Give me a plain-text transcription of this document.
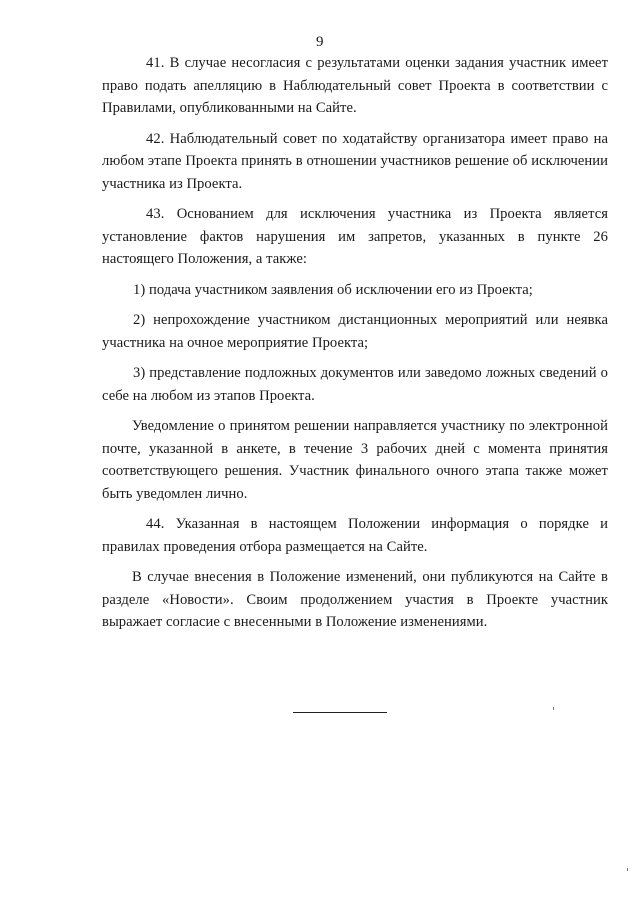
9

41. В случае несогласия с результатами оценки задания участник имеет право подать апелляцию в Наблюдательный совет Проекта в соответствии с Правилами, опубликованными на Сайте.

42. Наблюдательный совет по ходатайству организатора имеет право на любом этапе Проекта принять в отношении участников решение об исключении участника из Проекта.

43. Основанием для исключения участника из Проекта является установление фактов нарушения им запретов, указанных в пункте 26 настоящего Положения, а также:

1) подача участником заявления об исключении его из Проекта;

2) непрохождение участником дистанционных мероприятий или неявка участника на очное мероприятие Проекта;

3) представление подложных документов или заведомо ложных сведений о себе на любом из этапов Проекта.

Уведомление о принятом решении направляется участнику по электронной почте, указанной в анкете, в течение 3 рабочих дней с момента принятия соответствующего решения. Участник финального очного этапа также может быть уведомлен лично.

44. Указанная в настоящем Положении информация о порядке и правилах проведения отбора размещается на Сайте.

В случае внесения в Положение изменений, они публикуются на Сайте в разделе «Новости». Своим продолжением участия в Проекте участник выражает согласие с внесенными в Положение изменениями.
